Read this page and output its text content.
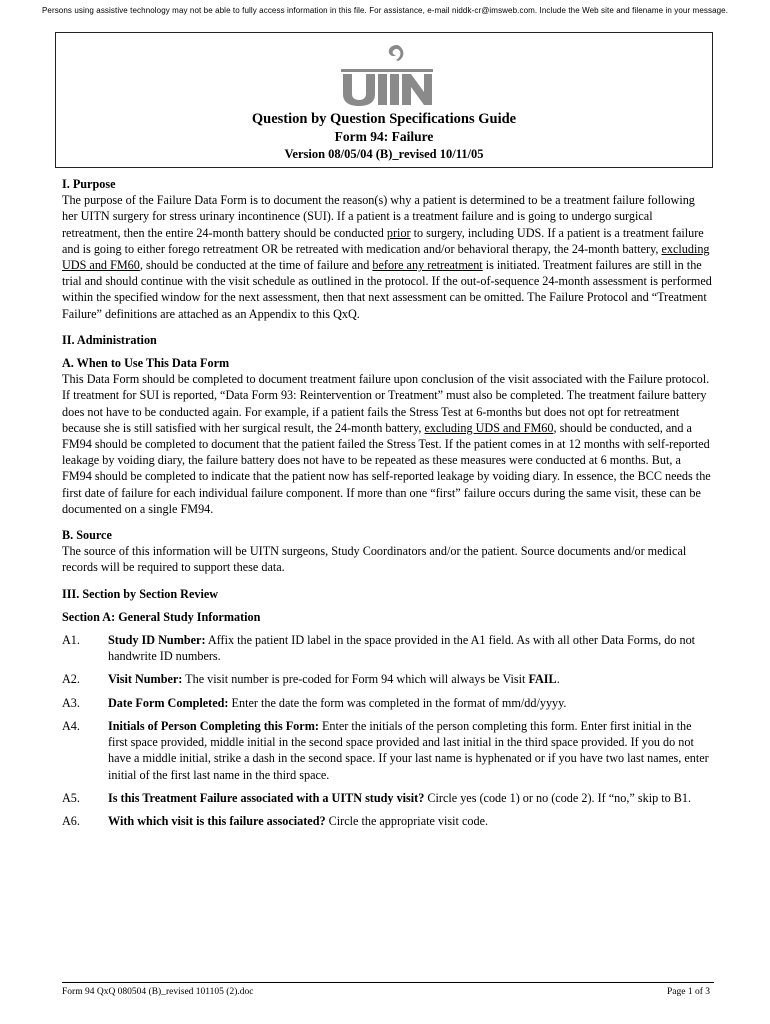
Persons using assistive technology may not be able to fully access information in this file. For assistance, e-mail niddk-cr@imsweb.com. Include the Web site and filename in your message.
Question by Question Specifications Guide
Form 94: Failure
Version 08/05/04 (B)_revised 10/11/05

I. Purpose

The purpose of the Failure Data Form is to document the reason(s) why a patient is determined to be a treatment failure following her UITN surgery for stress urinary incontinence (SUI). If a patient is a treatment failure and is going to undergo surgical retreatment, then the entire 24-month battery should be conducted prior to surgery, including UDS. If a patient is a treatment failure and is going to either forego retreatment OR be retreated with medication and/or behavioral therapy, the 24-month battery, excluding UDS and FM60, should be conducted at the time of failure and before any retreatment is initiated. Treatment failures are still in the trial and should continue with the visit schedule as outlined in the protocol. If the out-of-sequence 24-month assessment is performed within the specified window for the next assessment, then that next assessment can be omitted. The Failure Protocol and “Treatment Failure” definitions are attached as an Appendix to this QxQ.

II. Administration

A. When to Use This Data Form

This Data Form should be completed to document treatment failure upon conclusion of the visit associated with the Failure protocol. If treatment for SUI is reported, “Data Form 93: Reintervention or Treatment” must also be completed. The treatment failure battery does not have to be conducted again. For example, if a patient fails the Stress Test at 6-months but does not opt for retreatment because she is still satisfied with her surgical result, the 24-month battery, excluding UDS and FM60, should be conducted, and a FM94 should be completed to document that the patient failed the Stress Test. If the patient comes in at 12 months with self-reported leakage by voiding diary, the failure battery does not have to be repeated as these measures were conducted at 6 months. But, a FM94 should be completed to indicate that the patient now has self-reported leakage by voiding diary. In essence, the BCC needs the first date of failure for each individual failure component. If more than one “first” failure occurs during the same visit, these can be documented on a single FM94.

B. Source

The source of this information will be UITN surgeons, Study Coordinators and/or the patient. Source documents and/or medical records will be required to support these data.

III. Section by Section Review

Section A: General Study Information

A1.	Study ID Number: Affix the patient ID label in the space provided in the A1 field. As with all other Data Forms, do not handwrite ID numbers.
A2.	Visit Number: The visit number is pre-coded for Form 94 which will always be Visit FAIL.
A3.	Date Form Completed: Enter the date the form was completed in the format of mm/dd/yyyy.
A4.	Initials of Person Completing this Form: Enter the initials of the person completing this form. Enter first initial in the first space provided, middle initial in the second space provided and last initial in the third space provided. If you do not have a middle initial, strike a dash in the second space. If your last name is hyphenated or if you have two last names, enter initial of the first last name in the third space.
A5.	Is this Treatment Failure associated with a UITN study visit? Circle yes (code 1) or no (code 2). If “no,” skip to B1.
A6.	With which visit is this failure associated? Circle the appropriate visit code.
Form 94 QxQ 080504 (B)_revised 101105 (2).doc	Page 1 of 3
